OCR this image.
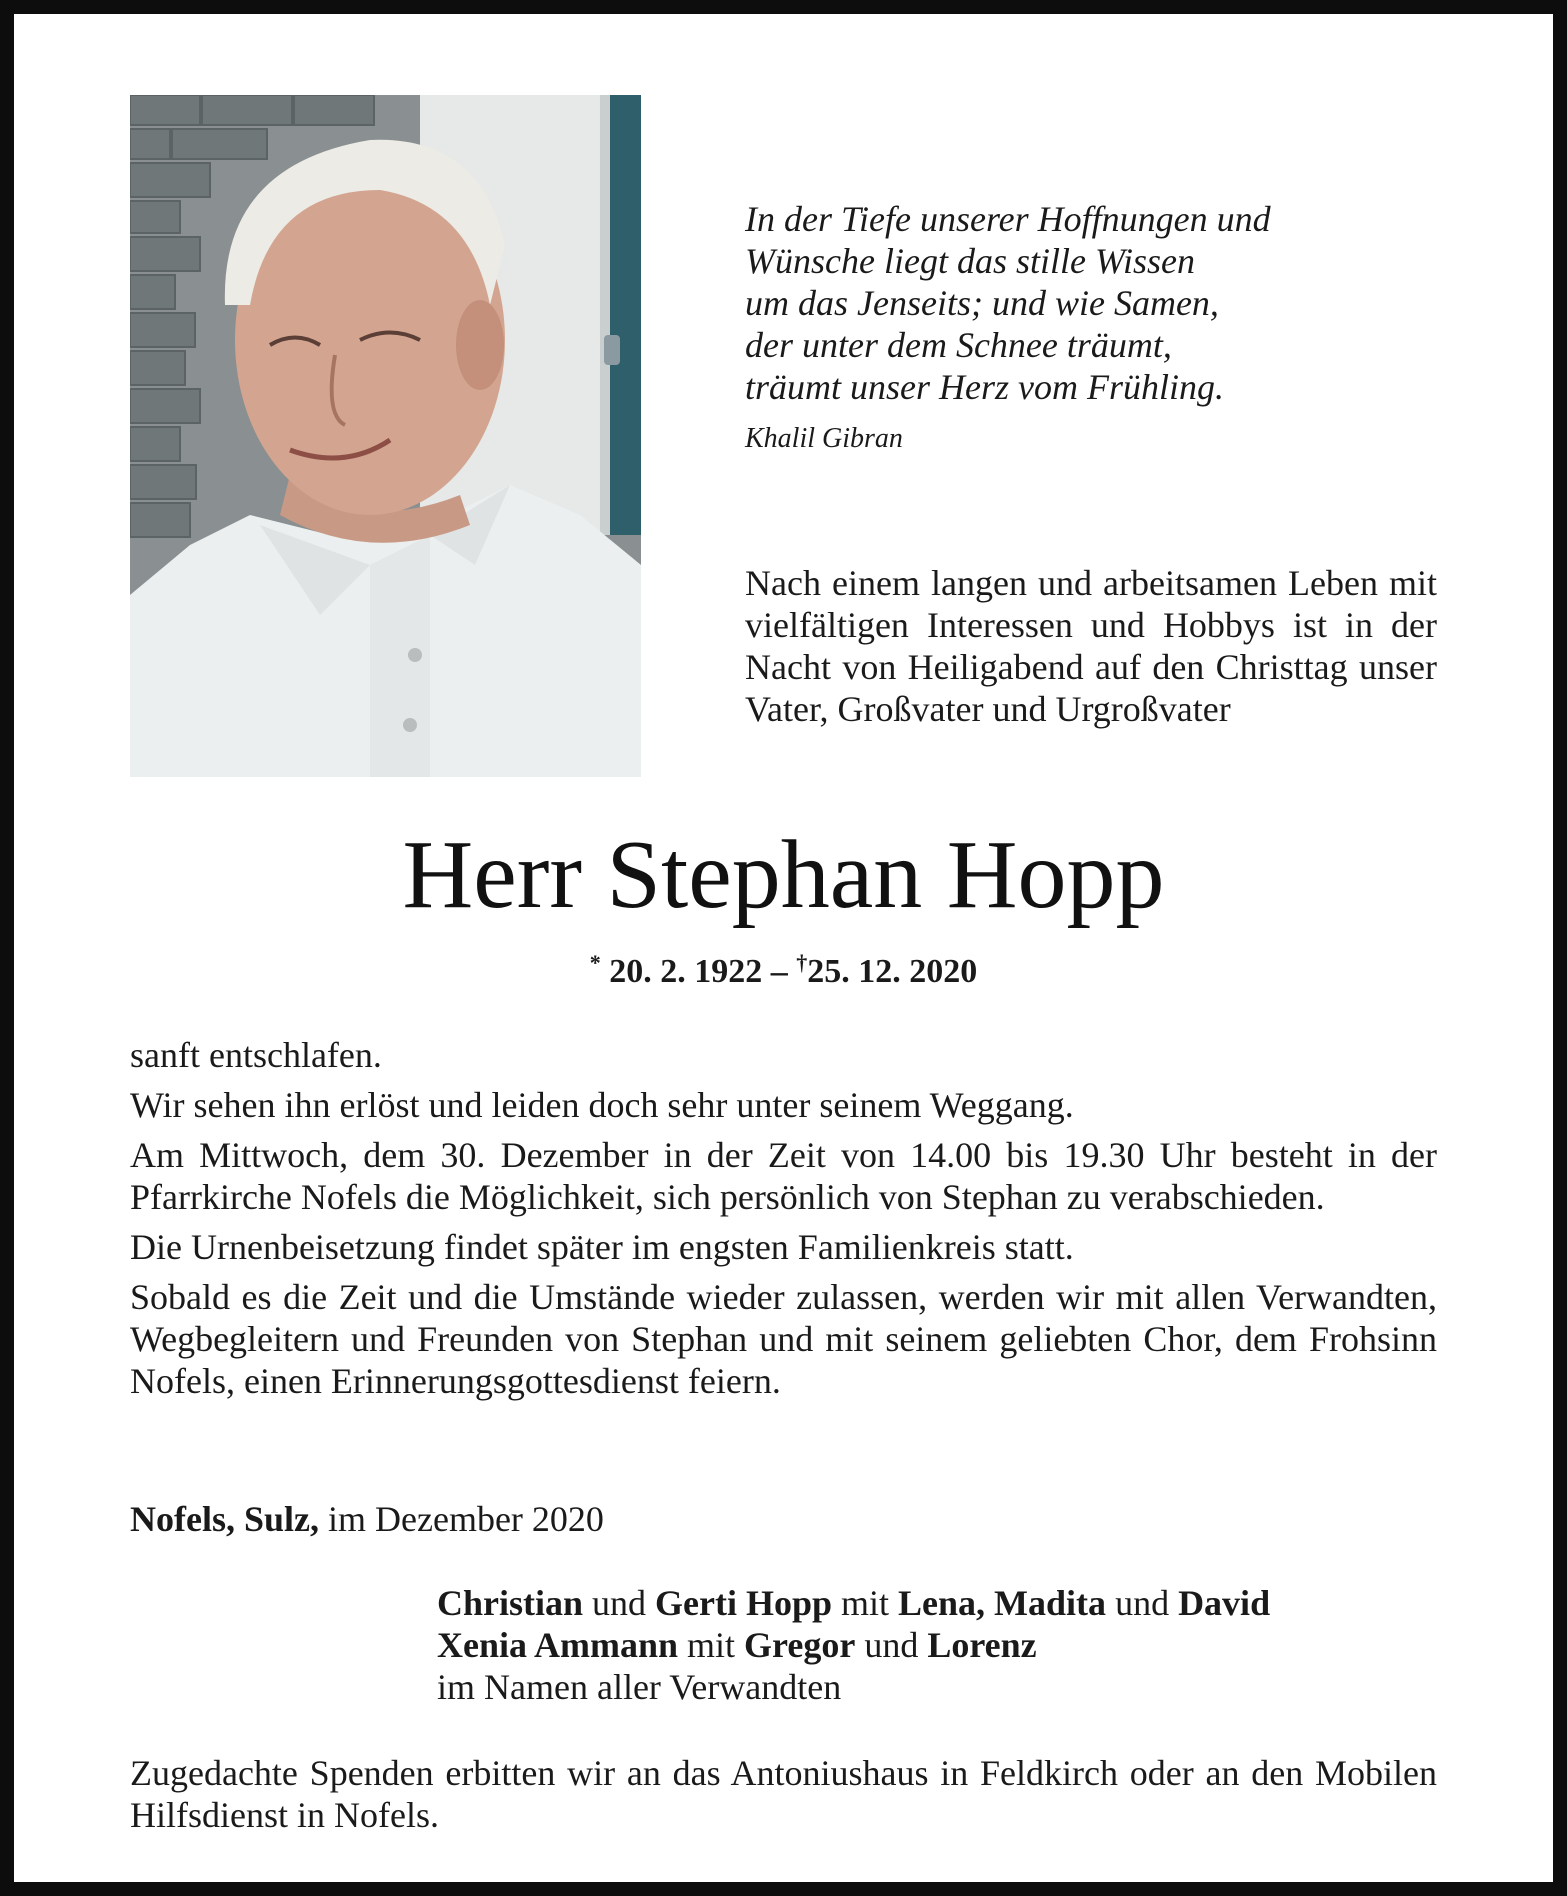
In der Tiefe unserer Hoffnungen und
Wünsche liegt das stille Wissen
um das Jenseits; und wie Samen,
der unter dem Schnee träumt,
träumt unser Herz vom Frühling.
Khalil Gibran
Nach einem langen und arbeitsamen Leben mit vielfältigen Interessen und Hobbys ist in der Nacht von Heiligabend auf den Christtag unser Vater, Großvater und Urgroßvater
Herr Stephan Hopp
* 20. 2. 1922 – †25. 12. 2020

sanft entschlafen.

Wir sehen ihn erlöst und leiden doch sehr unter seinem Weggang.

Am Mittwoch, dem 30. Dezember in der Zeit von 14.00 bis 19.30 Uhr besteht in der Pfarrkirche Nofels die Möglichkeit, sich persönlich von Stephan zu verabschieden.

Die Urnenbeisetzung findet später im engsten Familienkreis statt.

Sobald es die Zeit und die Umstände wieder zulassen, werden wir mit allen Verwandten, Wegbegleitern und Freunden von Stephan und mit seinem geliebten Chor, dem Frohsinn Nofels, einen Erinnerungsgottesdienst feiern.

Nofels, Sulz, im Dezember 2020
Christian und Gerti Hopp mit Lena, Madita und David
Xenia Ammann mit Gregor und Lorenz
im Namen aller Verwandten
Zugedachte Spenden erbitten wir an das Antoniushaus in Feldkirch oder an den Mobilen Hilfsdienst in Nofels.
